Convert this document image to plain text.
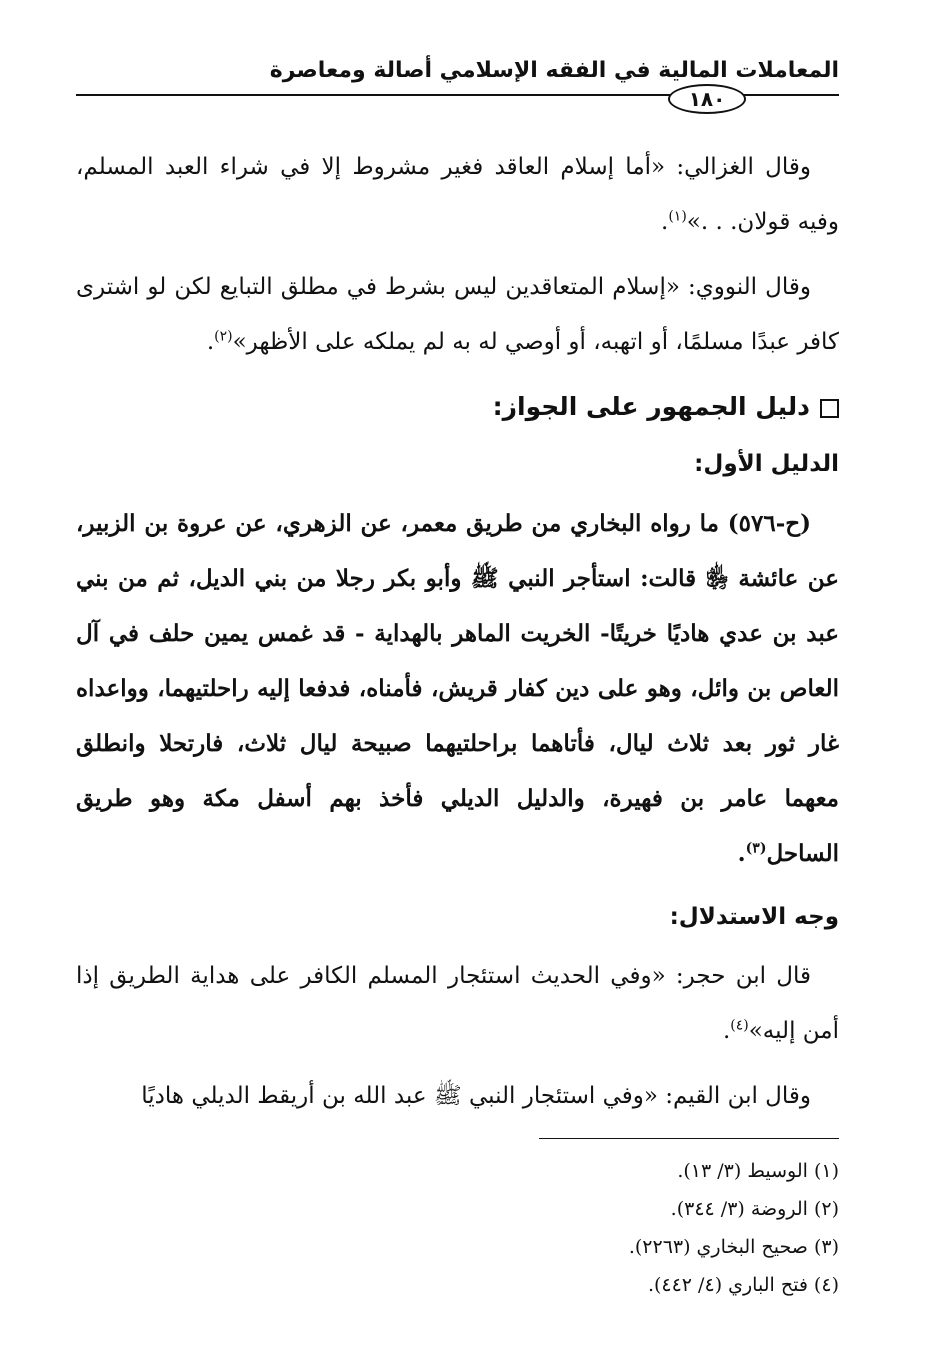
المعاملات المالية في الفقه الإسلامي أصالة ومعاصرة
١٨٠

وقال الغزالي: «أما إسلام العاقد فغير مشروط إلا في شراء العبد المسلم، وفيه قولان. . .»$^{(١)}$.

وقال النووي: «إسلام المتعاقدين ليس بشرط في مطلق التبايع لكن لو اشترى كافر عبدًا مسلمًا، أو اتهبه، أو أوصي له به لم يملكه على الأظهر»$^{(٢)}$.

دليل الجمهور على الجواز:
الدليل الأول:

(ح-٥٧٦) ما رواه البخاري من طريق معمر، عن الزهري، عن عروة بن الزبير، عن عائشة ﵂ قالت: استأجر النبي ﷺ وأبو بكر رجلا من بني الديل، ثم من بني عبد بن عدي هاديًا خريتًا- الخريت الماهر بالهداية - قد غمس يمين حلف في آل العاص بن وائل، وهو على دين كفار قريش، فأمناه، فدفعا إليه راحلتيهما، وواعداه غار ثور بعد ثلاث ليال، فأتاهما براحلتيهما صبيحة ليال ثلاث، فارتحلا وانطلق معهما عامر بن فهيرة، والدليل الديلي فأخذ بهم أسفل مكة وهو طريق الساحل$^{(٣)}$.

وجه الاستدلال:

قال ابن حجر: «وفي الحديث استئجار المسلم الكافر على هداية الطريق إذا أمن إليه»$^{(٤)}$.

وقال ابن القيم: «وفي استئجار النبي ﷺ عبد الله بن أريقط الديلي هاديًا

(١) الوسيط (٣/ ١٣).

(٢) الروضة (٣/ ٣٤٤).

(٣) صحيح البخاري (٢٢٦٣).

(٤) فتح الباري (٤/ ٤٤٢).
